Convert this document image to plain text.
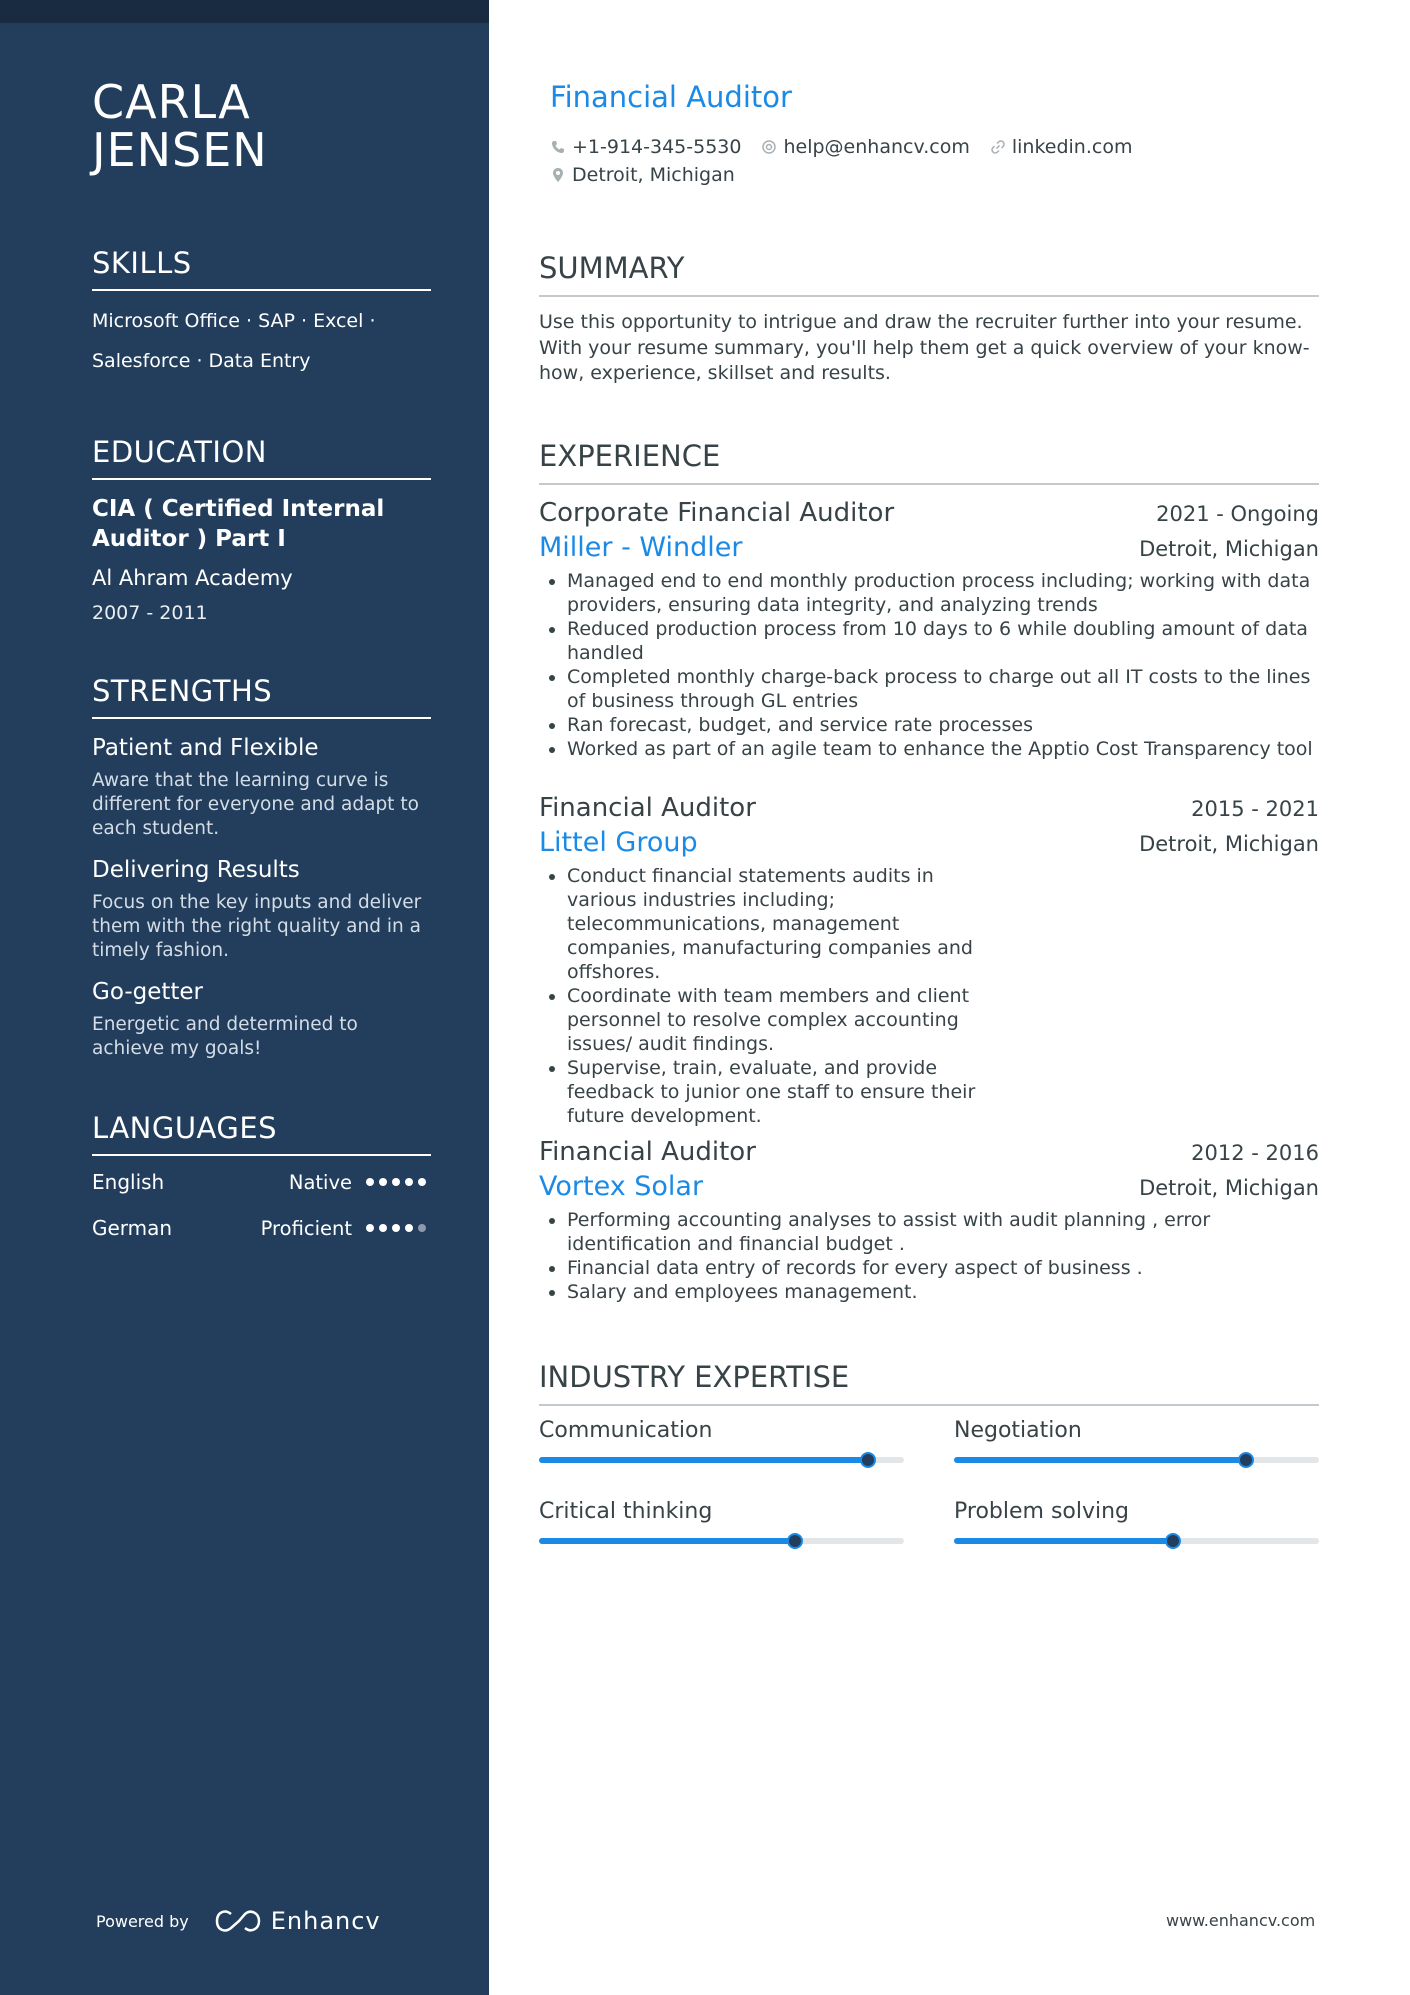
CARLA
JENSEN
SKILLS
Microsoft Office · SAP · Excel ·
Salesforce · Data Entry
EDUCATION
CIA ( Certified Internal Auditor ) Part I
Al Ahram Academy
2007 - 2011
STRENGTHS
Patient and Flexible
Aware that the learning curve is different for everyone and adapt to each student.
Delivering Results
Focus on the key inputs and deliver them with the right quality and in a timely fashion.
Go-getter
Energetic and determined to achieve my goals!
LANGUAGES
English	Native
German	Proficient
Powered by	Enhancv
Financial Auditor
+1-914-345-5530 help@enhancv.com linkedin.com
Detroit, Michigan
SUMMARY
Use this opportunity to intrigue and draw the recruiter further into your resume. With your resume summary, you'll help them get a quick overview of your know-how, experience, skillset and results.
EXPERIENCE
Corporate Financial Auditor	2021 - Ongoing
Miller - Windler	Detroit, Michigan
• Managed end to end monthly production process including; working with data providers, ensuring data integrity, and analyzing trends
• Reduced production process from 10 days to 6 while doubling amount of data handled
• Completed monthly charge-back process to charge out all IT costs to the lines of business through GL entries
• Ran forecast, budget, and service rate processes
• Worked as part of an agile team to enhance the Apptio Cost Transparency tool
Financial Auditor	2015 - 2021
Littel Group	Detroit, Michigan
• Conduct financial statements audits in various industries including; telecommunications, management companies, manufacturing companies and offshores.
• Coordinate with team members and client personnel to resolve complex accounting issues/ audit findings.
• Supervise, train, evaluate, and provide feedback to junior one staff to ensure their future development.
Financial Auditor	2012 - 2016
Vortex Solar	Detroit, Michigan
• Performing accounting analyses to assist with audit planning , error identification and financial budget .
• Financial data entry of records for every aspect of business .
• Salary and employees management.
INDUSTRY EXPERTISE
Communication	Negotiation
Critical thinking	Problem solving
www.enhancv.com
